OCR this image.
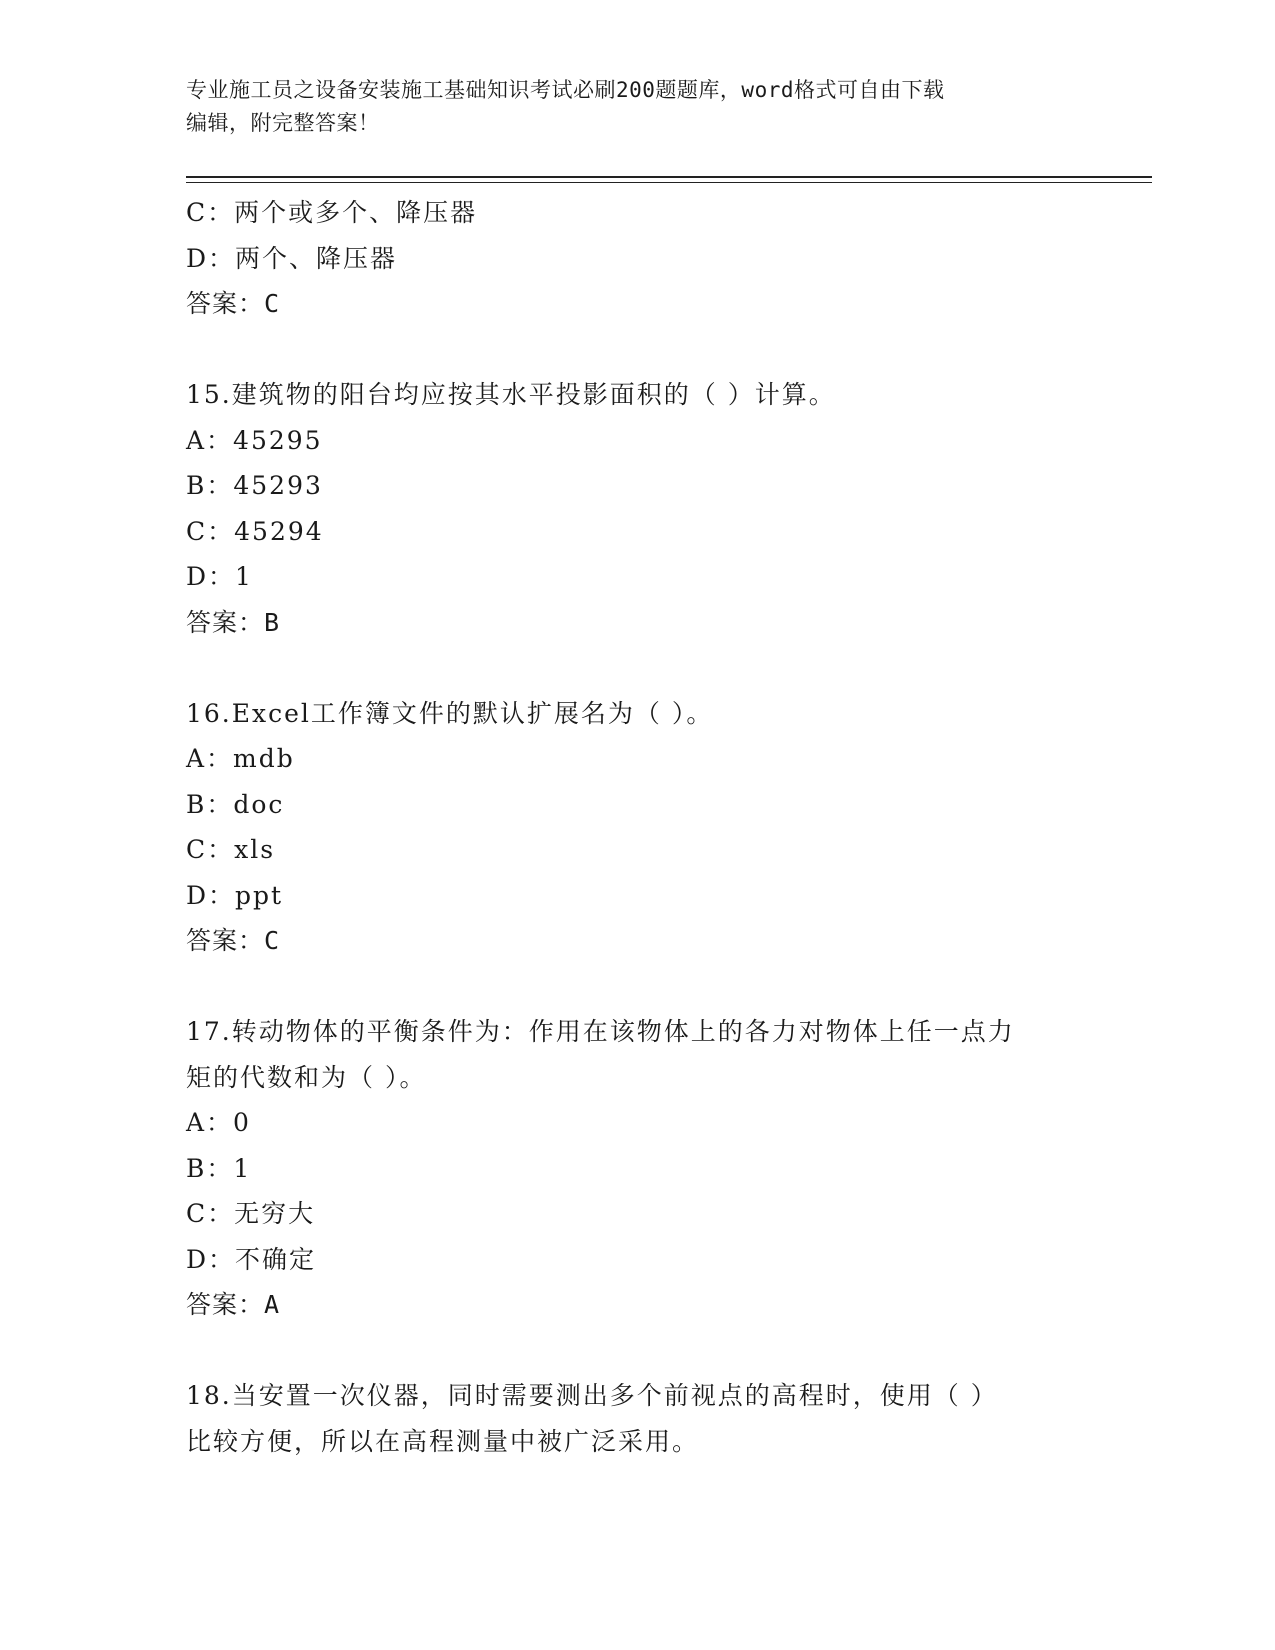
专业施工员之设备安装施工基础知识考试必刷200题题库，word格式可自由下载
编辑，附完整答案！
C：两个或多个、降压器
D：两个、降压器
答案：C
15.建筑物的阳台均应按其水平投影面积的（ ）计算。
A：45295
B：45293
C：45294
D：1
答案：B
16.Excel工作簿文件的默认扩展名为（ ）。
A：mdb
B：doc
C：xls
D：ppt
答案：C
17.转动物体的平衡条件为：作用在该物体上的各力对物体上任一点力
矩的代数和为（ ）。
A：0
B：1
C：无穷大
D：不确定
答案：A
18.当安置一次仪器，同时需要测出多个前视点的高程时，使用（ ）
比较方便，所以在高程测量中被广泛采用。
